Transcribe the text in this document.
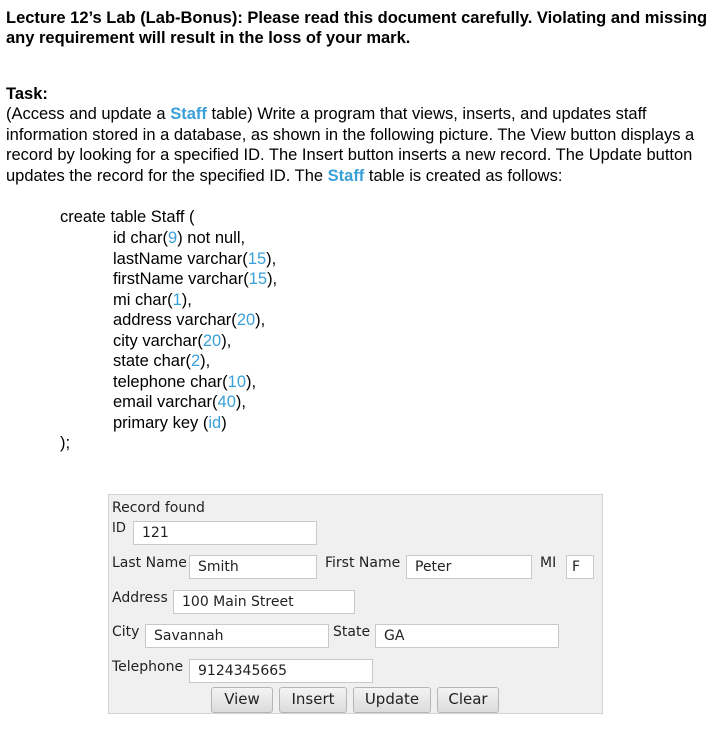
Lecture 12’s Lab (Lab-Bonus): Please read this document carefully. Violating and missing any requirement will result in the loss of your mark.
Task:
(Access and update a Staff table) Write a program that views, inserts, and updates staff information stored in a database, as shown in the following picture. The View button displays a record by looking for a specified ID. The Insert button inserts a new record. The Update button updates the record for the specified ID. The Staff table is created as follows:
create table Staff (
id char(9) not null,
lastName varchar(15),
firstName varchar(15),
mi char(1),
address varchar(20),
city varchar(20),
state char(2),
telephone char(10),
email varchar(40),
primary key (id)
);
Record found
ID	121
Last Name Smith	First Name	Peter	MI	F
Address	100 Main Street
City	Savannah	State GA
Telephone	9124345665
View	Insert	Update	Clear
